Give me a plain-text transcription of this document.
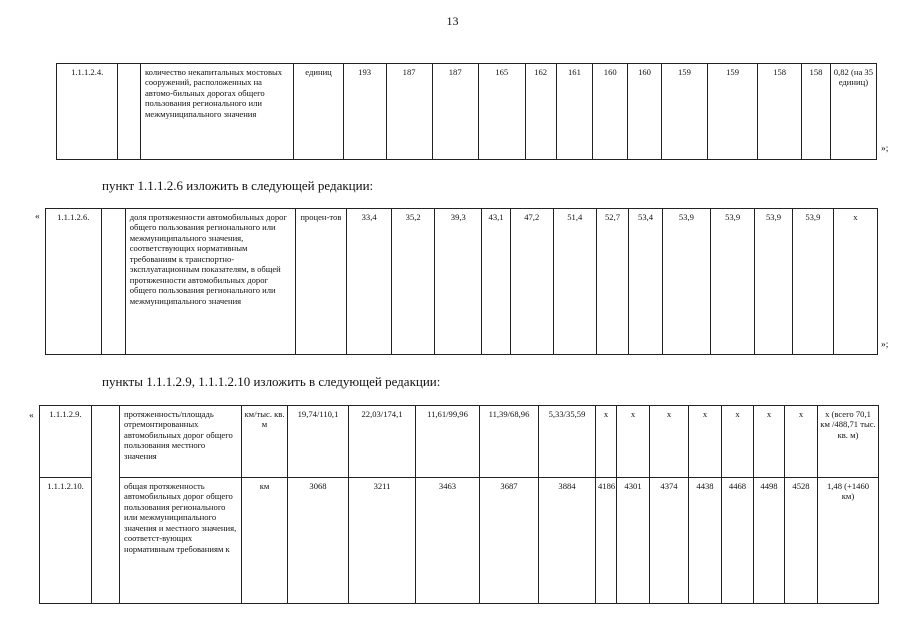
13
1.1.1.2.4.		количество некапитальных мостовых сооружений, расположенных на автомо-бильных дорогах общего пользования регионального или межмуниципального значения	единиц	193	187	187	165	162	161	160	160	159	159	158	158	0,82 (на 35 единиц)
»;
пункт 1.1.1.2.6 изложить в следующей редакции:
« 1.1.1.2.6.		доля протяженности автомобильных дорог общего пользования регионального или межмуниципального значения, соответствующих нормативным требованиям к транспортно-эксплуатационным показателям, в общей протяженности автомобильных дорог общего пользования регионального или межмуниципального значения	процен-тов	33,4	35,2	39,3	43,1	47,2	51,4	52,7	53,4	53,9	53,9	53,9	53,9	x
»;
пункты 1.1.1.2.9, 1.1.1.2.10 изложить в следующей редакции:
« 1.1.1.2.9.		протяженность/площадь отремонтированных автомобильных дорог общего пользования местного значения	км/тыс. кв. м	19,74/110,1	22,03/174,1	11,61/99,96	11,39/68,96	5,33/35,59	x	x	x	x	x	x	x	x (всего 70,1 км /488,71 тыс. кв. м)
1.1.1.2.10.		общая протяженность автомобильных дорог общего пользования регионального или межмуниципального значения и местного значения, соответст-вующих нормативным требованиям к	км	3068	3211	3463	3687	3884	4186	4301	4374	4438	4468	4498	4528	1,48 (+1460 км)
